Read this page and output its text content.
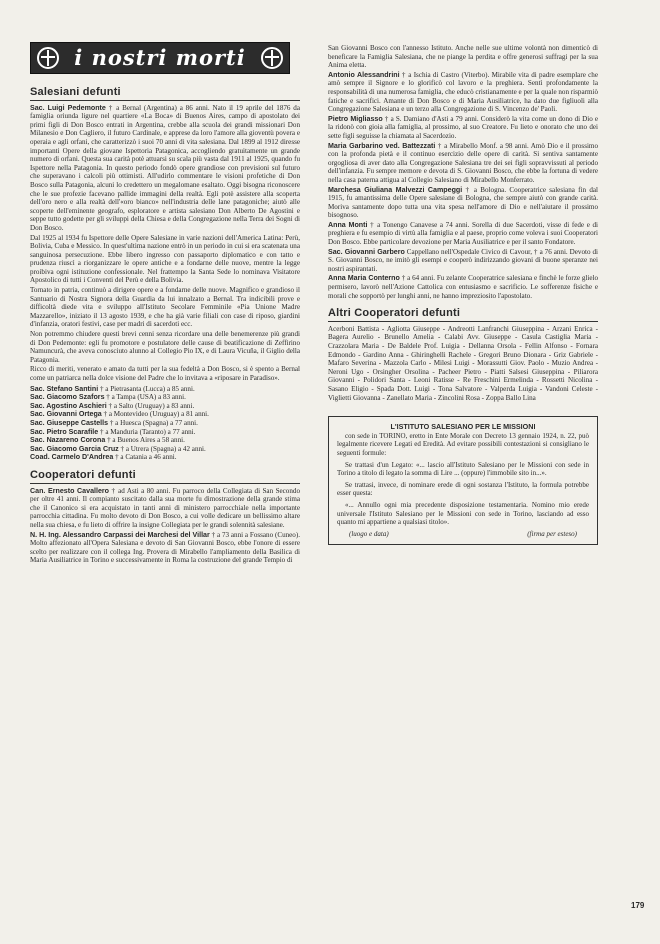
i nostri morti
Salesiani defunti

Sac. Luigi Pedemonte † a Bernal (Argentina) a 86 anni. Nato il 19 aprile del 1876 da famiglia oriunda ligure nel quartiere «La Boca» di Buenos Aires, campo di apostolato dei primi figli di Don Bosco entrati in Argentina, crebbe alla scuola dei grandi missionari Don Milanesio e Don Cagliero, il futuro Cardinale, e apprese da loro l'amore alla gioventù povera e operaia e agli orfani, che caratterizzò i suoi 70 anni di vita salesiana. Dal 1899 al 1912 diresse importanti Opere della giovane Ispettoria Patagonica, accogliendo gratuitamente un grande numero di orfani. Questa sua carità potè attuarsi su scala più vasta dal 1911 al 1925, quando fu Ispettore nella Patagonia. In questo periodo fondò opere grandiose con previsioni sul futuro che superavano i calcoli più ottimisti. All'udirlo commentare le visioni profetiche di Don Bosco sulla Patagonia, alcuni lo credettero un megalomane esaltato. Oggi bisogna riconoscere che le sue profezie facevano pallide immagini della realtà. Egli potè assistere alla scoperta dell'oro nero e alla realtà dell'«oro bianco» nell'industria delle lane patagoniche; aiutò alle scoperte dell'eminente geografo, esploratore e artista salesiano Don Alberto De Agostini e seppe tutto godette per gli sviluppi della Chiesa e della Congregazione nella Terra dei Sogni di Don Bosco.

Dal 1925 al 1934 fu Ispettore delle Opere Salesiane in varie nazioni dell'America Latina: Perù, Bolivia, Cuba e Messico. In quest'ultima nazione entrò in un periodo in cui si era scatenata una sanguinosa persecuzione. Ebbe libero ingresso con passaporto diplomatico e con tatto e prudenza riuscì a riorganizzare le opere antiche e a fondarne delle nuove, mentre la legge proibiva ogni istituzione confessionale. Nel frattempo la Santa Sede lo nominava Visitatore Apostolico di tutti i Conventi del Perù e della Bolivia.

Tornato in patria, continuò a dirigere opere e a fondarne delle nuove. Magnifico e grandioso il Santuario di Nostra Signora della Guardia da lui innalzato a Bernal. Tra indicibili prove e difficoltà diede vita e sviluppo all'Istituto Secolare Femminile «Pia Unione Madre Mazzarello», iniziato il 13 agosto 1939, e che ha già varie filiali con case di riposo, giardini d'infanzia, oratori festivi, case per madri di sacerdoti ecc.

Non potremmo chiudere questi brevi cenni senza ricordare una delle benemerenze più grandi di Don Pedemonte: egli fu promotore e postulatore delle cause di beatificazione di Zeffirino Namuncurà, che aveva conosciuto alunno al Collegio Pio IX, e di Laura Vicuña, il Giglio della Patagonia.

Ricco di meriti, venerato e amato da tutti per la sua fedeltà a Don Bosco, si è spento a Bernal come un patriarca nella dolce visione del Padre che lo invitava a «riposare in Paradiso».

Sac. Stefano Santini † a Pietrasanta (Lucca) a 85 anni.
Sac. Giacomo Szafors † a Tampa (USA) a 83 anni.
Sac. Agostino Aschieri † a Salto (Uruguay) a 83 anni.
Sac. Giovanni Ortega † a Montevideo (Uruguay) a 81 anni.
Sac. Giuseppe Castells † a Huesca (Spagna) a 77 anni.
Sac. Pietro Scarafile † a Manduria (Taranto) a 77 anni.
Sac. Nazareno Corona † a Buenos Aires a 58 anni.
Sac. Giacomo Garcia Cruz † a Utrera (Spagna) a 42 anni.
Coad. Carmelo D'Andrea † a Catania a 46 anni.
Cooperatori defunti

Can. Ernesto Cavallero † ad Asti a 80 anni. Fu parroco della Collegiata di San Secondo per oltre 41 anni. Il compianto suscitato dalla sua morte fu dimostrazione della grande stima che il Canonico si era acquistato in tanti anni di ministero parrocchiale nella importante parrocchia cittadina. Fu molto devoto di Don Bosco, a cui volle dedicare un bellissimo altare nella sua chiesa, e fu lieto di offrire la insigne Collegiata per le grandi solennità salesiane.

N. H. Ing. Alessandro Carpassi dei Marchesi del Villar † a 73 anni a Fossano (Cuneo). Molto affezionato all'Opera Salesiana e devoto di San Giovanni Bosco, ebbe l'onore di essere scelto per realizzare con il collega Ing. Provera di Mirabello l'ampliamento della Basilica di Maria Ausiliatrice in Torino e successivamente in Roma la costruzione del grande Tempio di

San Giovanni Bosco con l'annesso Istituto. Anche nelle sue ultime volontà non dimenticò di beneficare la Famiglia Salesiana, che ne piange la perdita e offre generosi suffragi per la sua Anima eletta.

Antonio Alessandrini † a Ischia di Castro (Viterbo). Mirabile vita di padre esemplare che amò sempre il Signore e lo glorificò col lavoro e la preghiera. Sentì profondamente la responsabilità di una numerosa famiglia, che educò cristianamente e per la quale non risparmiò fatiche e sacrifici. Amante di Don Bosco e di Maria Ausiliatrice, ha dato due figliuoli alla Congregazione Salesiana e un terzo alla Congregazione di S. Vincenzo de' Paoli.

Pietro Migliasso † a S. Damiano d'Asti a 79 anni. Considerò la vita come un dono di Dio e la ridonò con gioia alla famiglia, al prossimo, al suo Creatore. Fu lieto e onorato che uno dei sette figli seguisse la chiamata al Sacerdozio.

Maria Garbarino ved. Battezzati † a Mirabello Monf. a 98 anni. Amò Dio e il prossimo con la profonda pietà e il continuo esercizio delle opere di carità. Si sentiva santamente orgogliosa di aver dato alla Congregazione Salesiana tre dei sei figli sopravvissuti al periodo dell'infanzia. Fu sempre memore e devota di S. Giovanni Bosco, che ebbe la fortuna di vedere nella casa paterna attigua al Collegio Salesiano di Mirabello Monferrato.

Marchesa Giuliana Malvezzi Campeggi † a Bologna. Cooperatrice salesiana fin dal 1915, fu amantissima delle Opere salesiane di Bologna, che sempre aiutò con grande carità. Moriva santamente dopo tutta una vita spesa nell'amore di Dio e nell'aiutare il prossimo bisognoso.

Anna Monti † a Tonengo Canavese a 74 anni. Sorella di due Sacerdoti, visse di fede e di preghiera e fu esempio di virtù alla famiglia e al paese, proprio come voleva i suoi Cooperatori Don Bosco. Ebbe particolare devozione per Maria Ausiliatrice e per il santo Fondatore.

Sac. Giovanni Garbero Cappellano nell'Ospedale Civico di Cavour, † a 76 anni. Devoto di S. Giovanni Bosco, ne imitò gli esempi e cooperò indirizzando giovani di buone speranze nei nostri aspirantati.

Anna Maria Conterno † a 64 anni. Fu zelante Cooperatrice salesiana e finchè le forze glielo permisero, lavorò nell'Azione Cattolica con entusiasmo e sacrificio. Le sofferenze fisiche e morali che sopportò per lunghi anni, ne hanno impreziosito l'apostolato.

Altri Cooperatori defunti

Acerboni Battista - Agliotta Giuseppe - Andreotti Lanfranchi Giuseppina - Arzani Enrica - Bagera Aurelio - Brunello Amelia - Calabi Avv. Giuseppe - Casula Castiglia Maria - Crazzolara Maria - De Baldele Prof. Luigia - Dellanna Orsola - Fellin Alfonso - Fornara Edmondo - Gardino Anna - Ghiringhelli Rachele - Gregori Bruno Dionara - Griz Gabriele - Mafaro Severina - Mazzola Carlo - Milesi Luigi - Morassutti Giov. Paolo - Muzio Andrea - Neroni Ugo - Orsingher Orsolina - Pacheer Pietro - Piatti Salsesi Giuseppina - Piliarora Giovanni - Polidori Santa - Leoni Ratisse - Re Freschini Ermelinda - Rossetti Nicolina - Sasano Eligio - Spada Dott. Luigi - Tona Salvatore - Valperda Luigia - Vandoni Celeste - Viglietti Giovanna - Zanellato Maria - Zincolini Rosa - Zoppa Ballo Lina

L'ISTITUTO SALESIANO PER LE MISSIONI

con sede in TORINO, eretto in Ente Morale con Decreto 13 gennaio 1924, n. 22, può legalmente ricevere Legati ed Eredità. Ad evitare possibili contestazioni si consigliano le seguenti formule:

Se trattasi d'un Legato: «... lascio all'Istituto Salesiano per le Missioni con sede in Torino a titolo di legato la somma di Lire ... (oppure) l'immobile sito in...».

Se trattasi, invece, di nominare erede di ogni sostanza l'Istituto, la formula potrebbe esser questa:

«... Annullo ogni mia precedente disposizione testamentaria. Nomino mio erede universale l'Istituto Salesiano per le Missioni con sede in Torino, lasciando ad esso quanto mi appartiene a qualsiasi titolo».

(luogo e data)	(firma per esteso)
179
